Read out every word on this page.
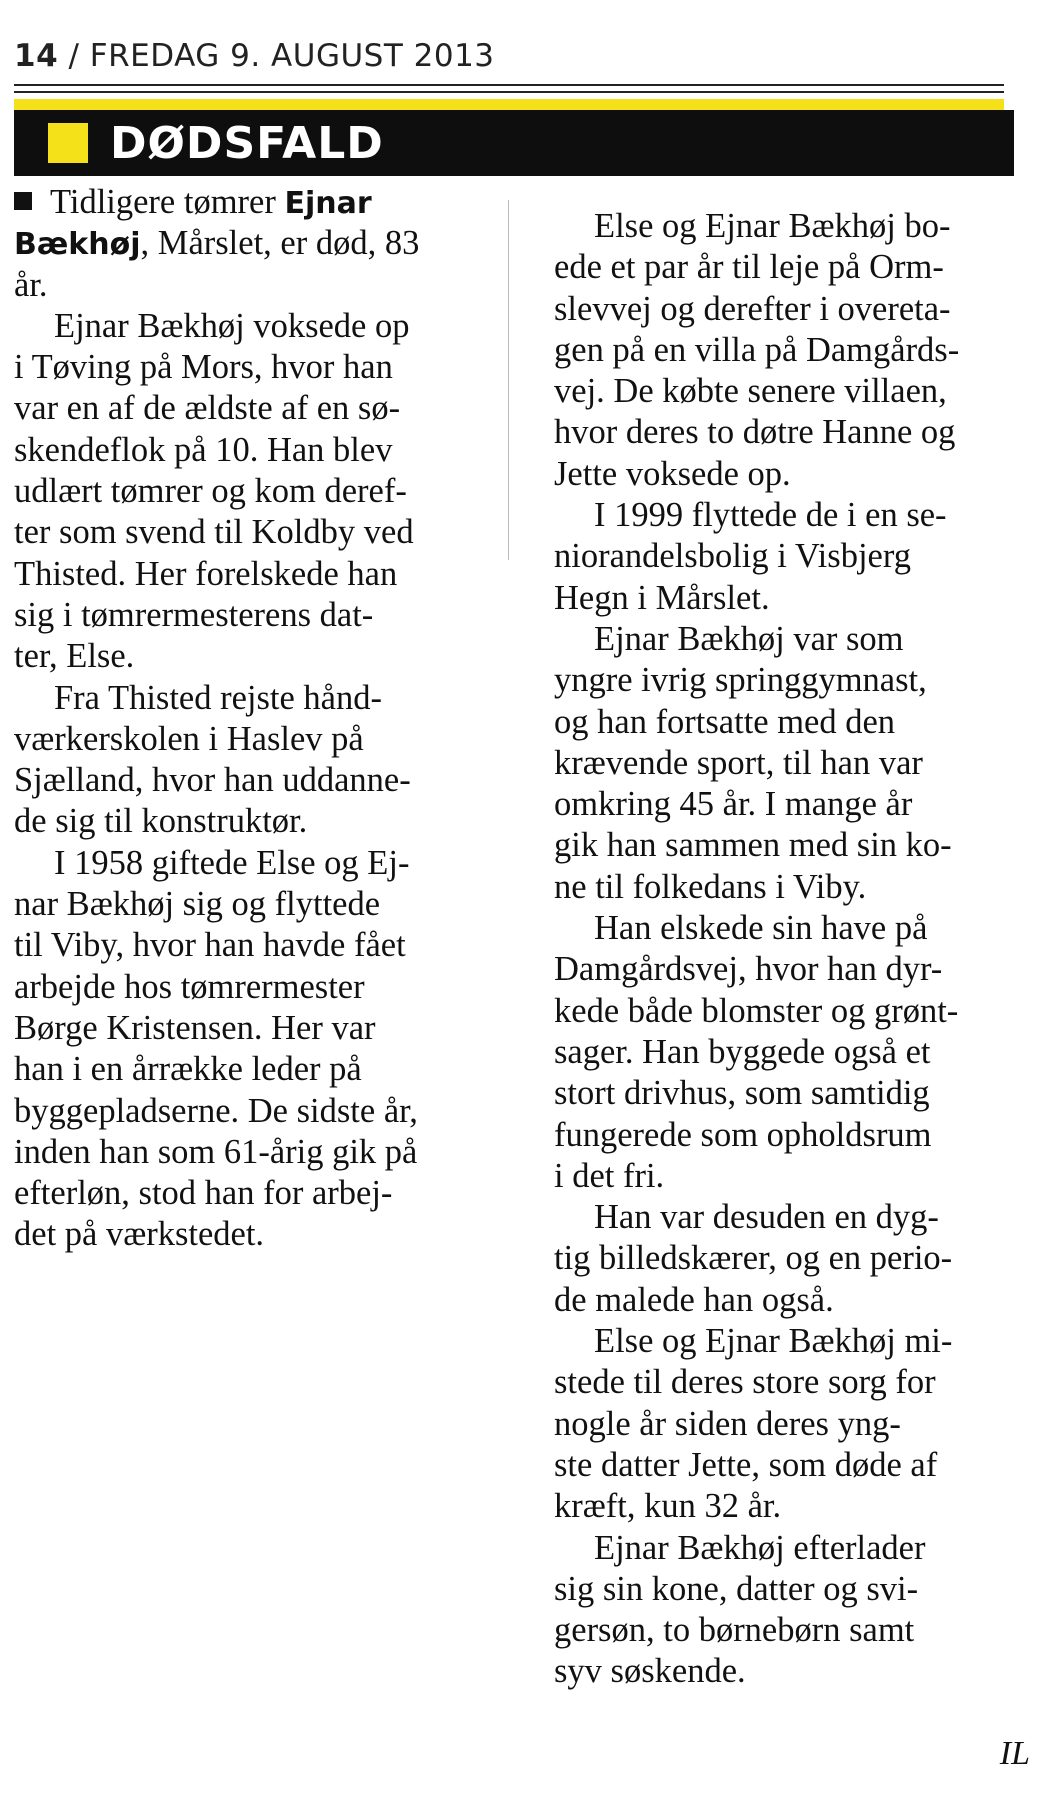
14 / FREDAG 9. AUGUST 2013
DØDSFALD
Tidligere tømrer Ejnar
Bækhøj, Mårslet, er død, 83
år.
Ejnar Bækhøj voksede op
i Tøving på Mors, hvor han
var en af de ældste af en sø-
skendeflok på 10. Han blev
udlært tømrer og kom deref-
ter som svend til Koldby ved
Thisted. Her forelskede han
sig i tømrermesterens dat-
ter, Else.
Fra Thisted rejste hånd-
værkerskolen i Haslev på
Sjælland, hvor han uddanne-
de sig til konstruktør.
I 1958 giftede Else og Ej-
nar Bækhøj sig og flyttede
til Viby, hvor han havde fået
arbejde hos tømrermester
Børge Kristensen. Her var
han i en årrække leder på
byggepladserne. De sidste år,
inden han som 61-årig gik på
efterløn, stod han for arbej-
det på værkstedet.
Else og Ejnar Bækhøj bo-
ede et par år til leje på Orm-
slevvej og derefter i overeta-
gen på en villa på Damgårds-
vej. De købte senere villaen,
hvor deres to døtre Hanne og
Jette voksede op.
I 1999 flyttede de i en se-
niorandelsbolig i Visbjerg
Hegn i Mårslet.
Ejnar Bækhøj var som
yngre ivrig springgymnast,
og han fortsatte med den
krævende sport, til han var
omkring 45 år. I mange år
gik han sammen med sin ko-
ne til folkedans i Viby.
Han elskede sin have på
Damgårdsvej, hvor han dyr-
kede både blomster og grønt-
sager. Han byggede også et
stort drivhus, som samtidig
fungerede som opholdsrum
i det fri.
Han var desuden en dyg-
tig billedskærer, og en perio-
de malede han også.
Else og Ejnar Bækhøj mi-
stede til deres store sorg for
nogle år siden deres yng-
ste datter Jette, som døde af
kræft, kun 32 år.
Ejnar Bækhøj efterlader
sig sin kone, datter og svi-
gersøn, to børnebørn samt
syv søskende.
IL
